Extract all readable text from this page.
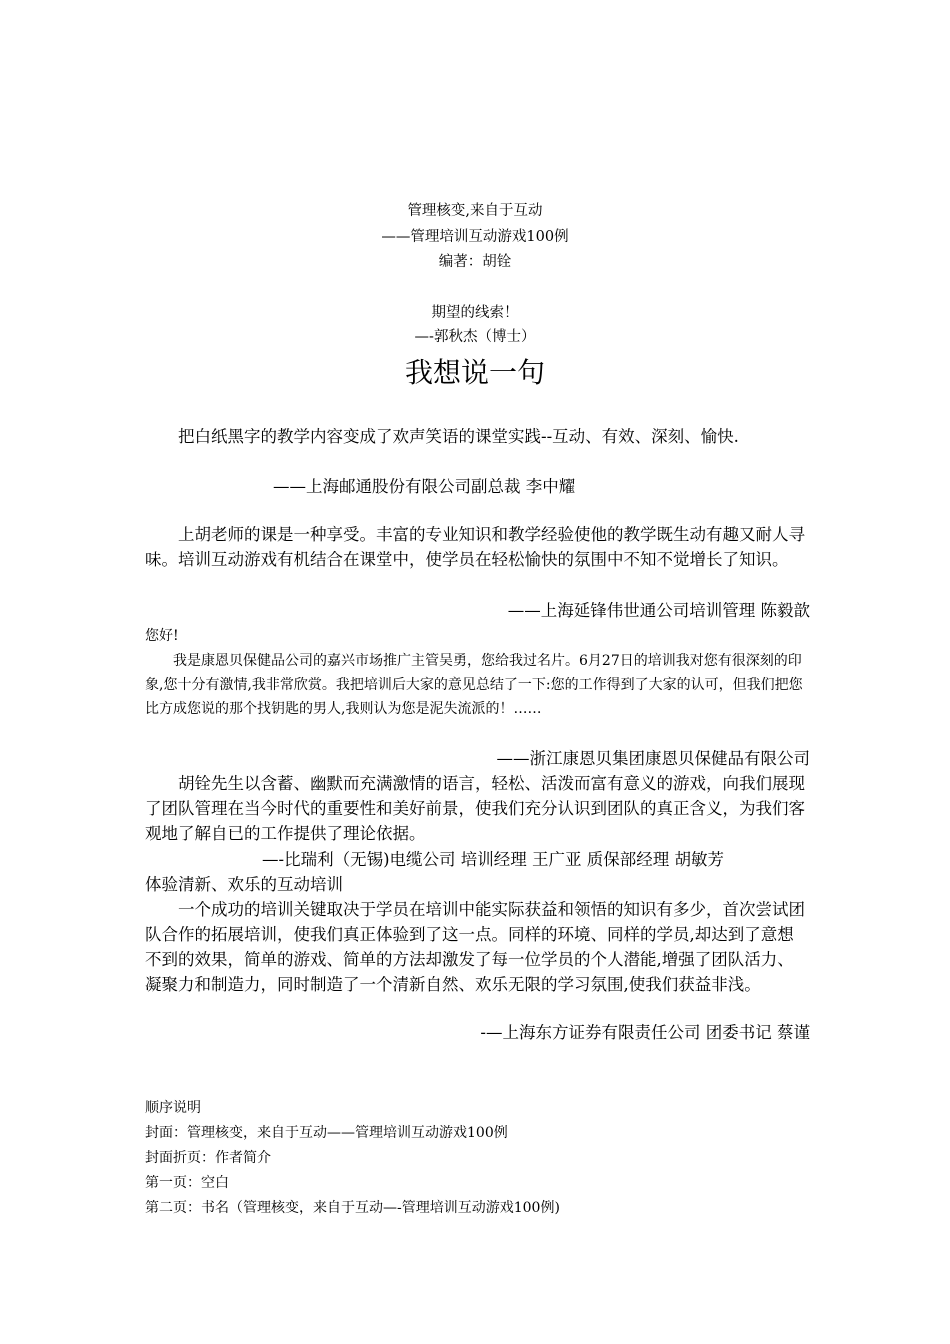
管理核变,来自于互动
——管理培训互动游戏100例
编著：胡铨
期望的线索！
—-郭秋杰（博士）
我想说一句
把白纸黑字的教学内容变成了欢声笑语的课堂实践--互动、有效、深刻、愉快.
——上海邮通股份有限公司副总裁 李中耀
上胡老师的课是一种享受。丰富的专业知识和教学经验使他的教学既生动有趣又耐人寻味。培训互动游戏有机结合在课堂中，使学员在轻松愉快的氛围中不知不觉增长了知识。
——上海延锋伟世通公司培训管理 陈毅歆
您好!
我是康恩贝保健品公司的嘉兴市场推广主管吴勇，您给我过名片。6月27日的培训我对您有很深刻的印象,您十分有激情,我非常欣赏。我把培训后大家的意见总结了一下:您的工作得到了大家的认可，但我们把您比方成您说的那个找钥匙的男人,我则认为您是泥失流派的！……
——浙江康恩贝集团康恩贝保健品有限公司
胡铨先生以含蓄、幽默而充满激情的语言，轻松、活泼而富有意义的游戏，向我们展现了团队管理在当今时代的重要性和美好前景，使我们充分认识到团队的真正含义，为我们客观地了解自已的工作提供了理论依据。
—-比瑞利（无锡)电缆公司 培训经理 王广亚 质保部经理 胡敏芳
体验清新、欢乐的互动培训
一个成功的培训关键取决于学员在培训中能实际获益和领悟的知识有多少，首次尝试团队合作的拓展培训，使我们真正体验到了这一点。同样的环境、同样的学员,却达到了意想不到的效果，简单的游戏、简单的方法却激发了每一位学员的个人潜能,增强了团队活力、凝聚力和制造力，同时制造了一个清新自然、欢乐无限的学习氛围,使我们获益非浅。
-—上海东方证券有限责任公司 团委书记 蔡谨
顺序说明
封面：管理核变，来自于互动——管理培训互动游戏100例
封面折页：作者简介
第一页：空白
第二页：书名（管理核变，来自于互动—-管理培训互动游戏100例)
